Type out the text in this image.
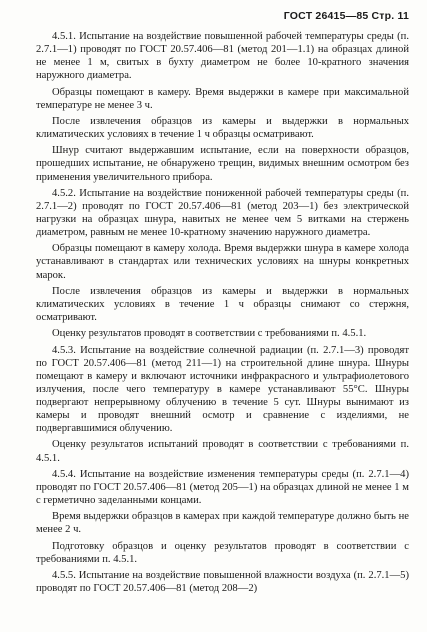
ГОСТ 26415—85 Стр. 11

4.5.1. Испытание на воздействие повышенной рабочей температуры среды (п. 2.7.1—1) проводят по ГОСТ 20.57.406—81 (метод 201—1.1) на образцах длиной не менее 1 м, свитых в бухту диаметром не более 10-кратного значения наружного диаметра.

Образцы помещают в камеру. Время выдержки в камере при максимальной температуре не менее 3 ч.

После извлечения образцов из камеры и выдержки в нормальных климатических условиях в течение 1 ч образцы осматривают.

Шнур считают выдержавшим испытание, если на поверхности образцов, прошедших испытание, не обнаружено трещин, видимых внешним осмотром без применения увеличительного прибора.

4.5.2. Испытание на воздействие пониженной рабочей температуры среды (п. 2.7.1—2) проводят по ГОСТ 20.57.406—81 (метод 203—1) без электрической нагрузки на образцах шнура, навитых не менее чем 5 витками на стержень диаметром, равным не менее 10-кратному значению наружного диаметра.

Образцы помещают в камеру холода. Время выдержки шнура в камере холода устанавливают в стандартах или технических условиях на шнуры конкретных марок.

После извлечения образцов из камеры и выдержки в нормальных климатических условиях в течение 1 ч образцы снимают со стержня, осматривают.

Оценку результатов проводят в соответствии с требованиями п. 4.5.1.

4.5.3. Испытание на воздействие солнечной радиации (п. 2.7.1—3) проводят по ГОСТ 20.57.406—81 (метод 211—1) на строительной длине шнура. Шнуры помещают в камеру и включают источники инфракрасного и ультрафиолетового излучения, после чего температуру в камере устанавливают 55°С. Шнуры подвергают непрерывному облучению в течение 5 сут. Шнуры вынимают из камеры и проводят внешний осмотр и сравнение с изделиями, не подвергавшимися облучению.

Оценку результатов испытаний проводят в соответствии с требованиями п. 4.5.1.

4.5.4. Испытание на воздействие изменения температуры среды (п. 2.7.1—4) проводят по ГОСТ 20.57.406—81 (метод 205—1) на образцах длиной не менее 1 м с герметично заделанными концами.

Время выдержки образцов в камерах при каждой температуре должно быть не менее 2 ч.

Подготовку образцов и оценку результатов проводят в соответствии с требованиями п. 4.5.1.

4.5.5. Испытание на воздействие повышенной влажности воздуха (п. 2.7.1—5) проводят по ГОСТ 20.57.406—81 (метод 208—2)
